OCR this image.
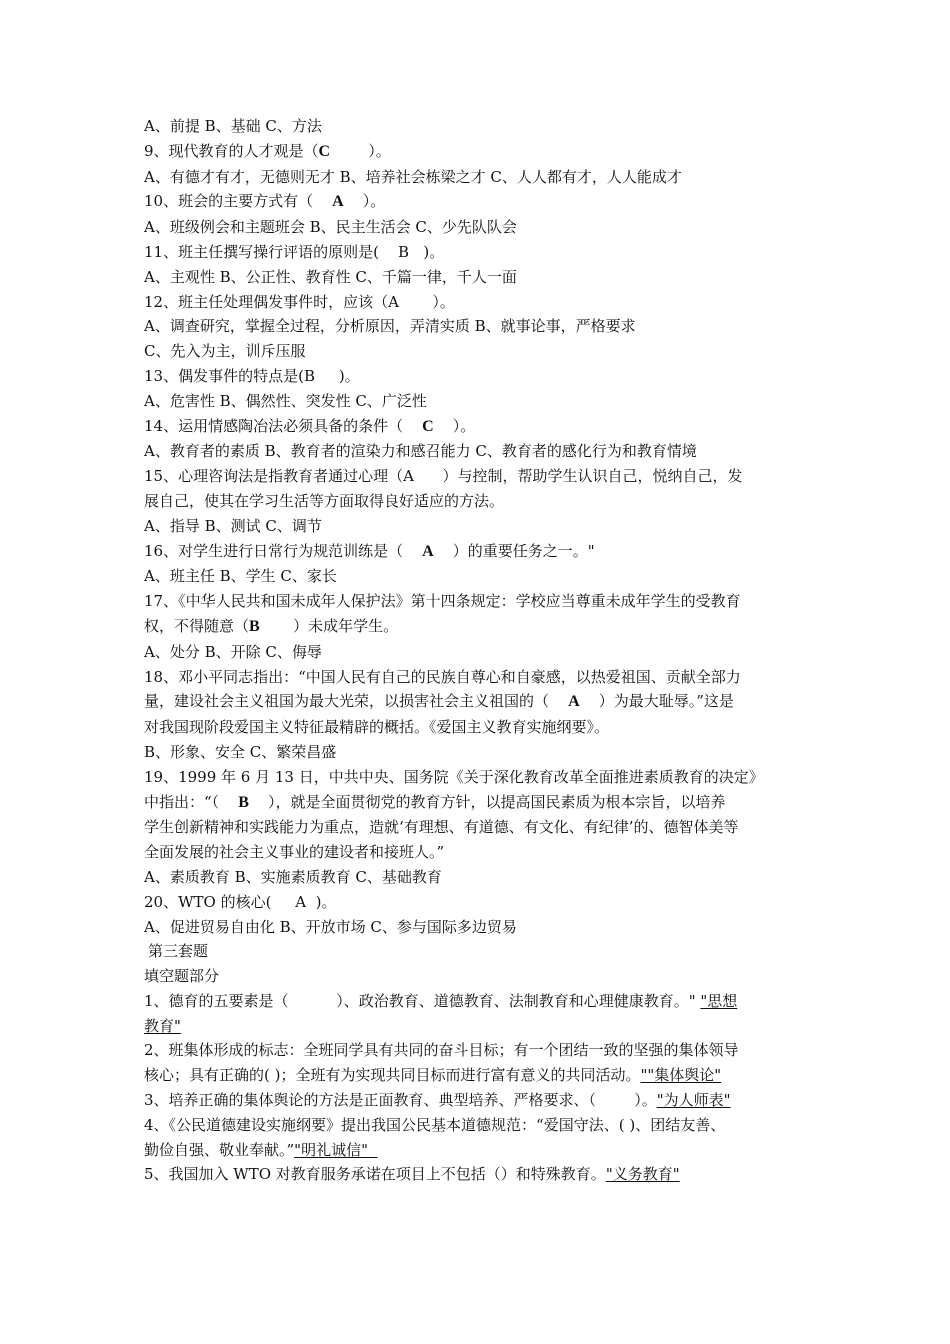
A、前提 B、基础 C、方法
9、现代教育的人才观是（C        ）。
A、有德才有才，无德则无才 B、培养社会栋梁之才 C、人人都有才，人人能成才
10、班会的主要方式有（    A    ）。
A、班级例会和主题班会 B、民主生活会 C、少先队队会
11、班主任撰写操行评语的原则是(    B   )。
A、主观性 B、公正性、教育性 C、千篇一律，千人一面
12、班主任处理偶发事件时，应该（A       ）。
A、调查研究，掌握全过程，分析原因，弄清实质 B、就事论事，严格要求
C、先入为主，训斥压服
13、偶发事件的特点是(B     )。
A、危害性 B、偶然性、突发性 C、广泛性
14、运用情感陶冶法必须具备的条件（    C    ）。
A、教育者的素质 B、教育者的渲染力和感召能力 C、教育者的感化行为和教育情境
15、心理咨询法是指教育者通过心理（A      ）与控制，帮助学生认识自己，悦纳自己，发
展自己，使其在学习生活等方面取得良好适应的方法。
A、指导 B、测试 C、调节
16、对学生进行日常行为规范训练是（    A    ）的重要任务之一。"
A、班主任 B、学生 C、家长
17、《中华人民共和国未成年人保护法》第十四条规定：学校应当尊重未成年学生的受教育
权，不得随意（B       ）未成年学生。
A、处分 B、开除 C、侮辱
18、邓小平同志指出：“中国人民有自己的民族自尊心和自豪感，以热爱祖国、贡献全部力
量，建设社会主义祖国为最大光荣，以损害社会主义祖国的（    A    ）为最大耻辱。”这是
对我国现阶段爱国主义特征最精辟的概括。《爱国主义教育实施纲要》。
B、形象、安全 C、繁荣昌盛
19、1999 年 6 月 13 日，中共中央、国务院《关于深化教育改革全面推进素质教育的决定》
中指出：“（    B    ），就是全面贯彻党的教育方针，以提高国民素质为根本宗旨，以培养
学生创新精神和实践能力为重点，造就‘有理想、有道德、有文化、有纪律’的、德智体美等
全面发展的社会主义事业的建设者和接班人。”
A、素质教育 B、实施素质教育 C、基础教育
20、WTO 的核心(     A  )。
A、促进贸易自由化 B、开放市场 C、参与国际多边贸易
第三套题
填空题部分
1、德育的五要素是（          ）、政治教育、道德教育、法制教育和心理健康教育。" "思想
教育"
2、班集体形成的标志：全班同学具有共同的奋斗目标；有一个团结一致的坚强的集体领导
核心；具有正确的( )；全班有为实现共同目标而进行富有意义的共同活动。""集体舆论"
3、培养正确的集体舆论的方法是正面教育、典型培养、严格要求、（        ）。"为人师表"
4、《公民道德建设实施纲要》提出我国公民基本道德规范：“爱国守法、( )、团结友善、
勤俭自强、敬业奉献。”"明礼诚信"
5、我国加入 WTO 对教育服务承诺在项目上不包括（）和特殊教育。"义务教育"
